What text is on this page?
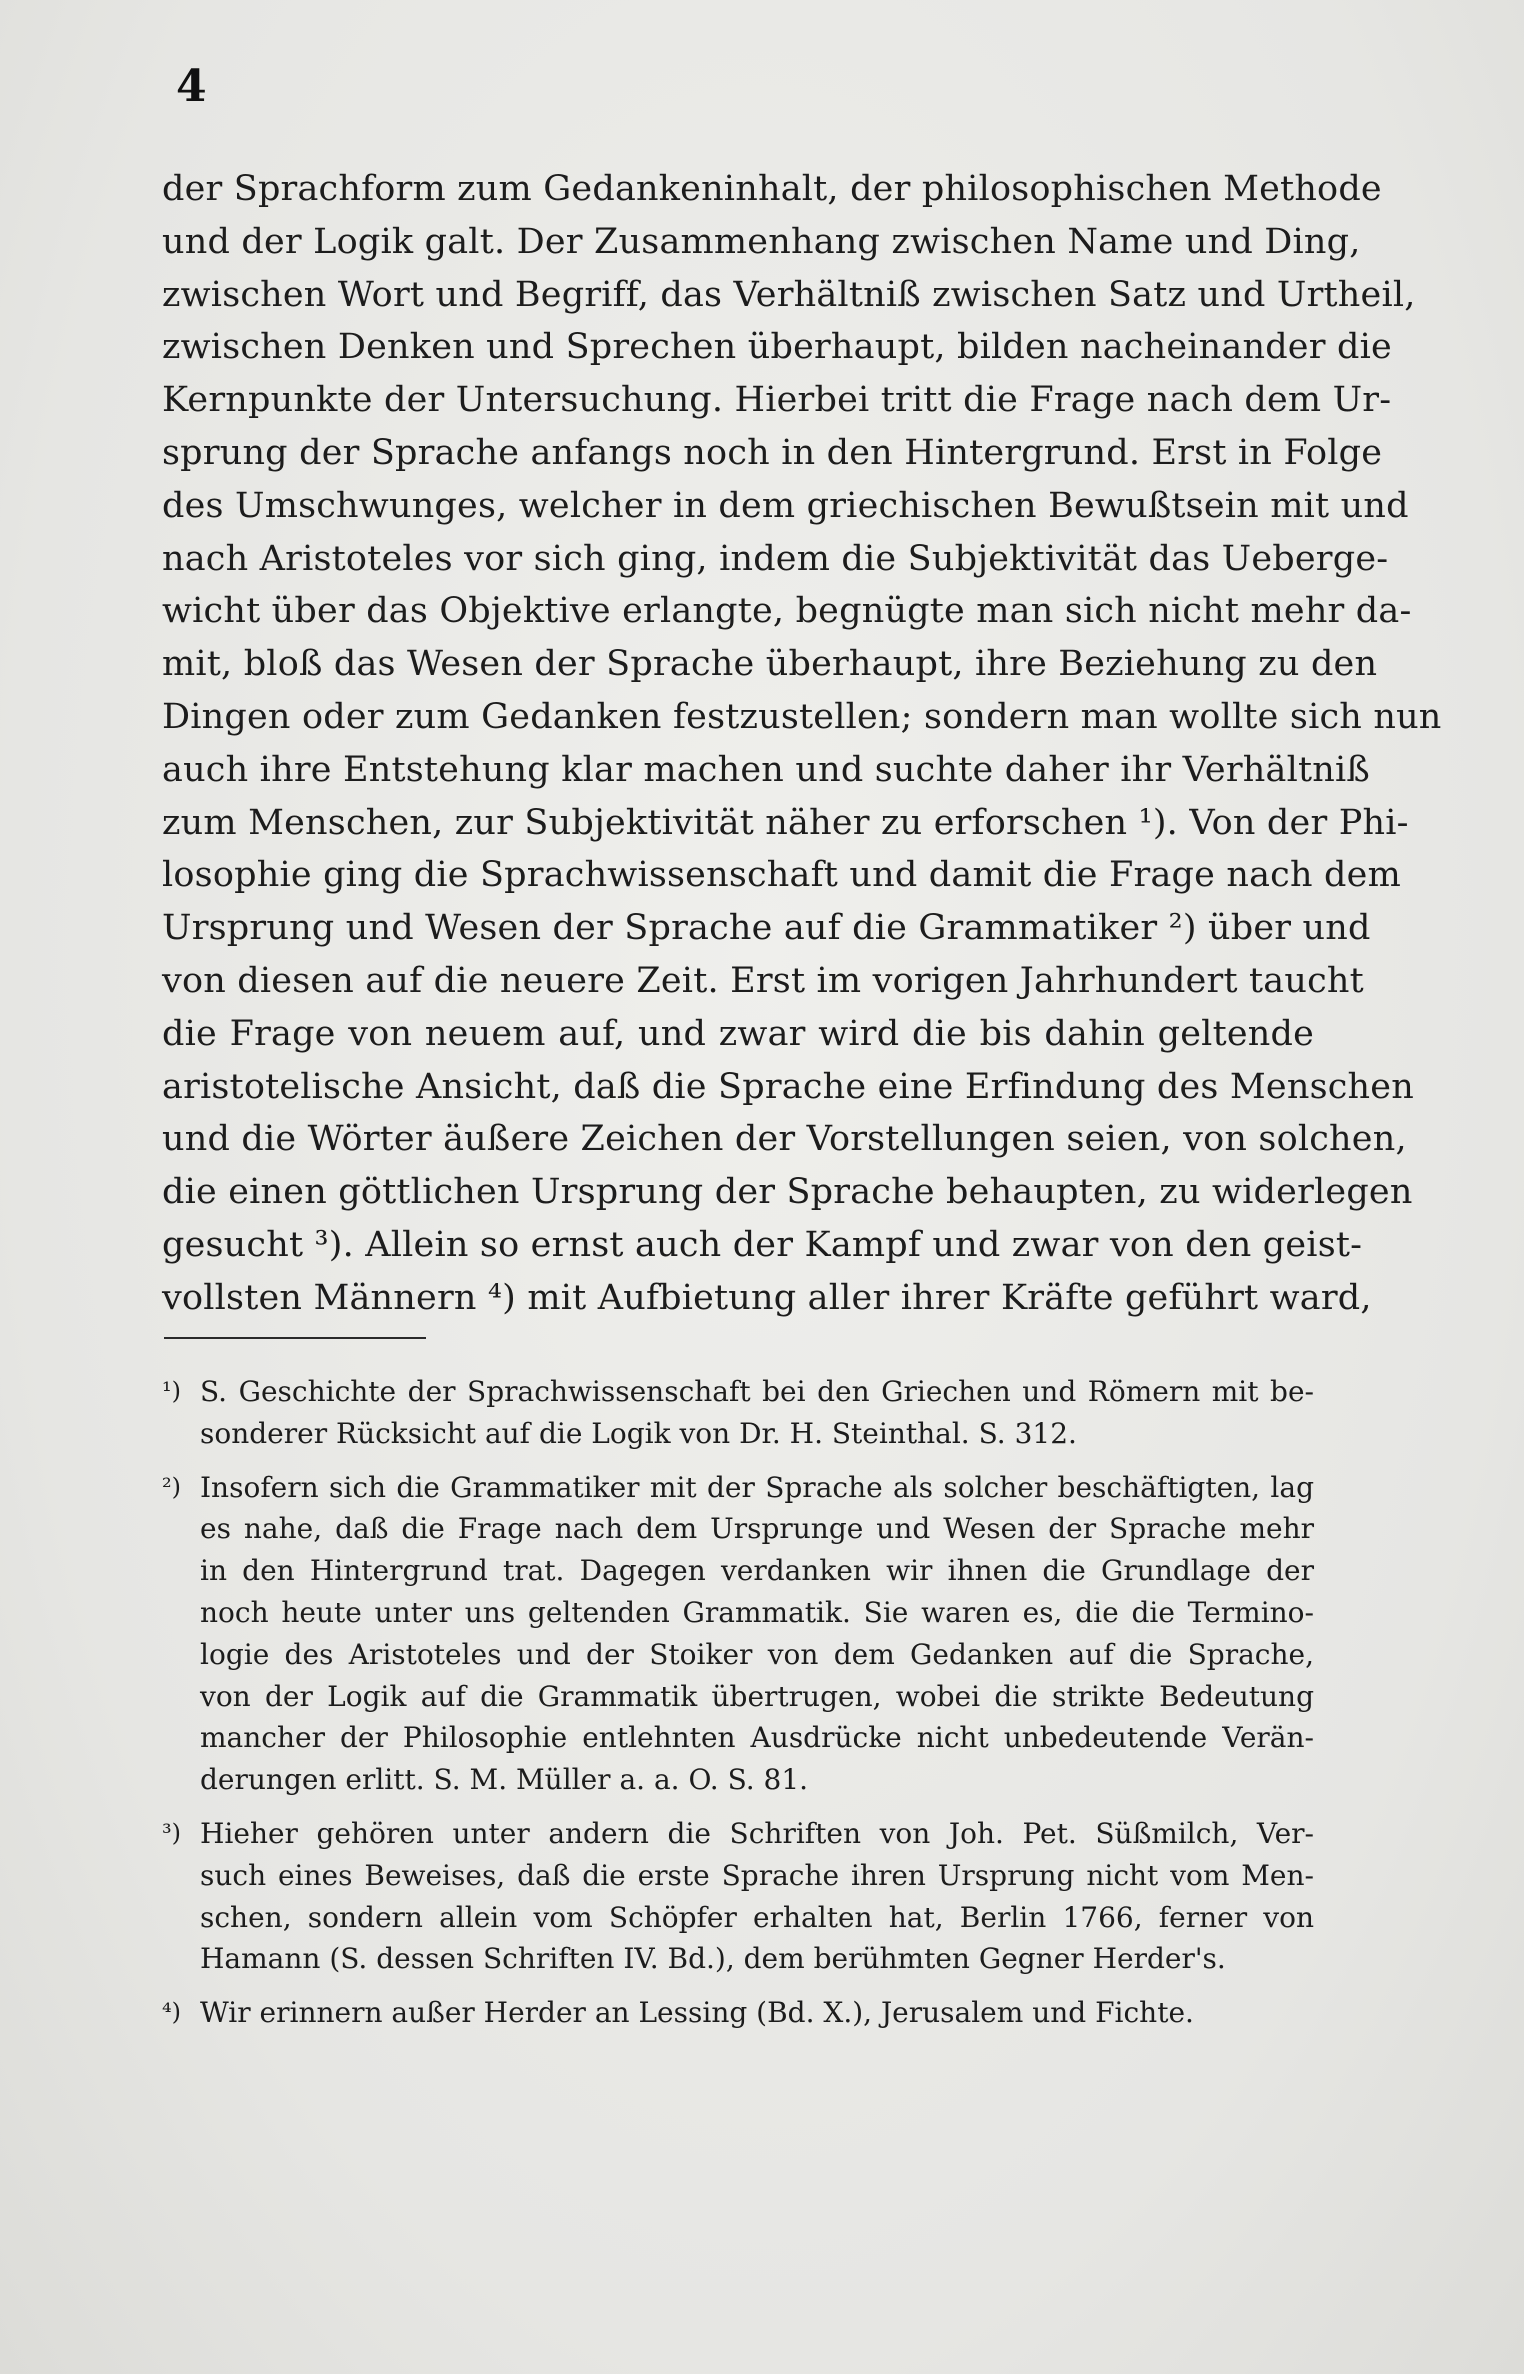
4
der Sprachform zum Gedankeninhalt, der philosophischen Methode
und der Logik galt. Der Zusammenhang zwischen Name und Ding,
zwischen Wort und Begriff, das Verhältniß zwischen Satz und Urtheil,
zwischen Denken und Sprechen überhaupt, bilden nacheinander die
Kernpunkte der Untersuchung. Hierbei tritt die Frage nach dem Ur-
sprung der Sprache anfangs noch in den Hintergrund. Erst in Folge
des Umschwunges, welcher in dem griechischen Bewußtsein mit und
nach Aristoteles vor sich ging, indem die Subjektivität das Ueberge-
wicht über das Objektive erlangte, begnügte man sich nicht mehr da-
mit, bloß das Wesen der Sprache überhaupt, ihre Beziehung zu den
Dingen oder zum Gedanken festzustellen; sondern man wollte sich nun
auch ihre Entstehung klar machen und suchte daher ihr Verhältniß
zum Menschen, zur Subjektivität näher zu erforschen ¹). Von der Phi-
losophie ging die Sprachwissenschaft und damit die Frage nach dem
Ursprung und Wesen der Sprache auf die Grammatiker ²) über und
von diesen auf die neuere Zeit. Erst im vorigen Jahrhundert taucht
die Frage von neuem auf, und zwar wird die bis dahin geltende
aristotelische Ansicht, daß die Sprache eine Erfindung des Menschen
und die Wörter äußere Zeichen der Vorstellungen seien, von solchen,
die einen göttlichen Ursprung der Sprache behaupten, zu widerlegen
gesucht ³). Allein so ernst auch der Kampf und zwar von den geist-
vollsten Männern ⁴) mit Aufbietung aller ihrer Kräfte geführt ward,
¹) S. Geschichte der Sprachwissenschaft bei den Griechen und Römern mit be-
sonderer Rücksicht auf die Logik von Dr. H. Steinthal. S. 312.
²) Insofern sich die Grammatiker mit der Sprache als solcher beschäftigten, lag
es nahe, daß die Frage nach dem Ursprunge und Wesen der Sprache mehr
in den Hintergrund trat. Dagegen verdanken wir ihnen die Grundlage der
noch heute unter uns geltenden Grammatik. Sie waren es, die die Termino-
logie des Aristoteles und der Stoiker von dem Gedanken auf die Sprache,
von der Logik auf die Grammatik übertrugen, wobei die strikte Bedeutung
mancher der Philosophie entlehnten Ausdrücke nicht unbedeutende Verän-
derungen erlitt. S. M. Müller a. a. O. S. 81.
³) Hieher gehören unter andern die Schriften von Joh. Pet. Süßmilch, Ver-
such eines Beweises, daß die erste Sprache ihren Ursprung nicht vom Men-
schen, sondern allein vom Schöpfer erhalten hat, Berlin 1766, ferner von
Hamann (S. dessen Schriften IV. Bd.), dem berühmten Gegner Herder's.
⁴) Wir erinnern außer Herder an Lessing (Bd. X.), Jerusalem und Fichte.
